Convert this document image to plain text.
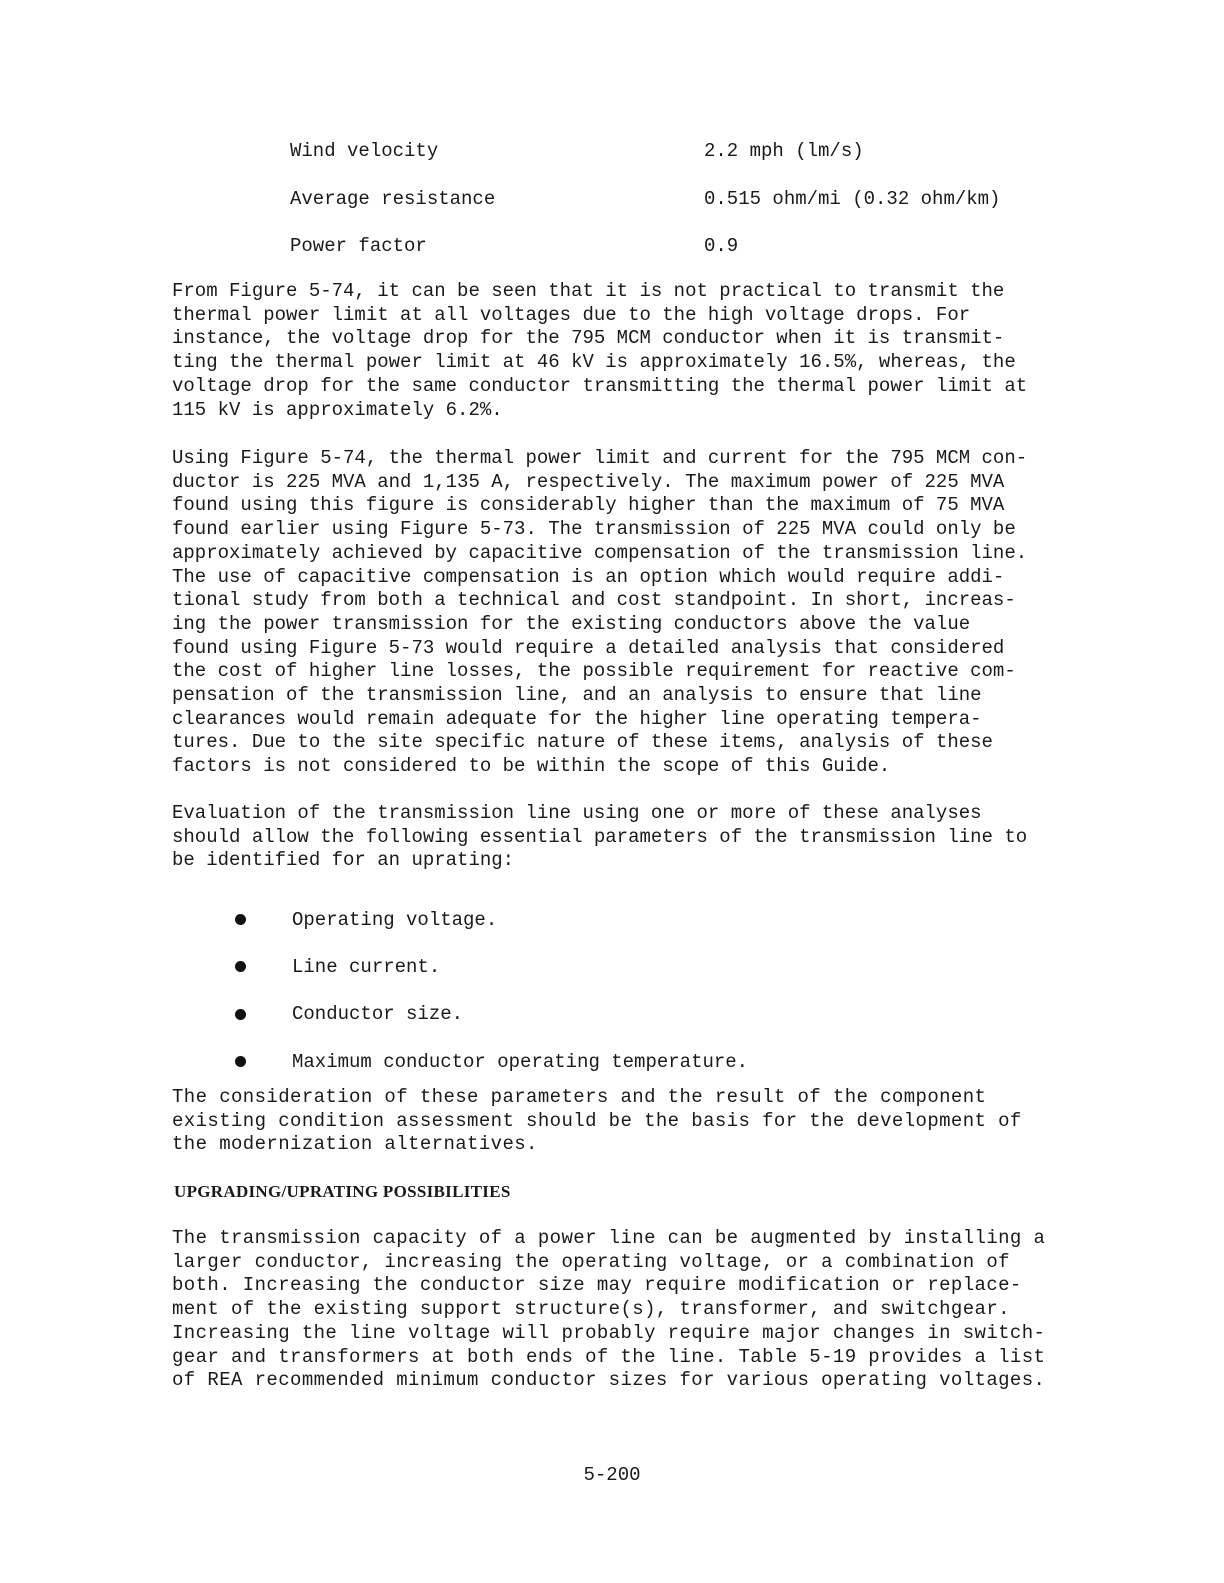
Wind velocity	2.2 mph (lm/s)
Average resistance	0.515 ohm/mi (0.32 ohm/km)
Power factor	0.9

From Figure 5-74, it can be seen that it is not practical to transmit the
thermal power limit at all voltages due to the high voltage drops. For
instance, the voltage drop for the 795 MCM conductor when it is transmit-
ting the thermal power limit at 46 kV is approximately 16.5%, whereas, the
voltage drop for the same conductor transmitting the thermal power limit at
115 kV is approximately 6.2%.

Using Figure 5-74, the thermal power limit and current for the 795 MCM con-
ductor is 225 MVA and 1,135 A, respectively. The maximum power of 225 MVA
found using this figure is considerably higher than the maximum of 75 MVA
found earlier using Figure 5-73. The transmission of 225 MVA could only be
approximately achieved by capacitive compensation of the transmission line.
The use of capacitive compensation is an option which would require addi-
tional study from both a technical and cost standpoint. In short, increas-
ing the power transmission for the existing conductors above the value
found using Figure 5-73 would require a detailed analysis that considered
the cost of higher line losses, the possible requirement for reactive com-
pensation of the transmission line, and an analysis to ensure that line
clearances would remain adequate for the higher line operating tempera-
tures. Due to the site specific nature of these items, analysis of these
factors is not considered to be within the scope of this Guide.

Evaluation of the transmission line using one or more of these analyses
should allow the following essential parameters of the transmission line to
be identified for an uprating:

Operating voltage.
Line current.
Conductor size.
Maximum conductor operating temperature.

The consideration of these parameters and the result of the component
existing condition assessment should be the basis for the development of
the modernization alternatives.

UPGRADING/UPRATING POSSIBILITIES

The transmission capacity of a power line can be augmented by installing a
larger conductor, increasing the operating voltage, or a combination of
both. Increasing the conductor size may require modification or replace-
ment of the existing support structure(s), transformer, and switchgear.
Increasing the line voltage will probably require major changes in switch-
gear and transformers at both ends of the line. Table 5-19 provides a list
of REA recommended minimum conductor sizes for various operating voltages.

5-200
